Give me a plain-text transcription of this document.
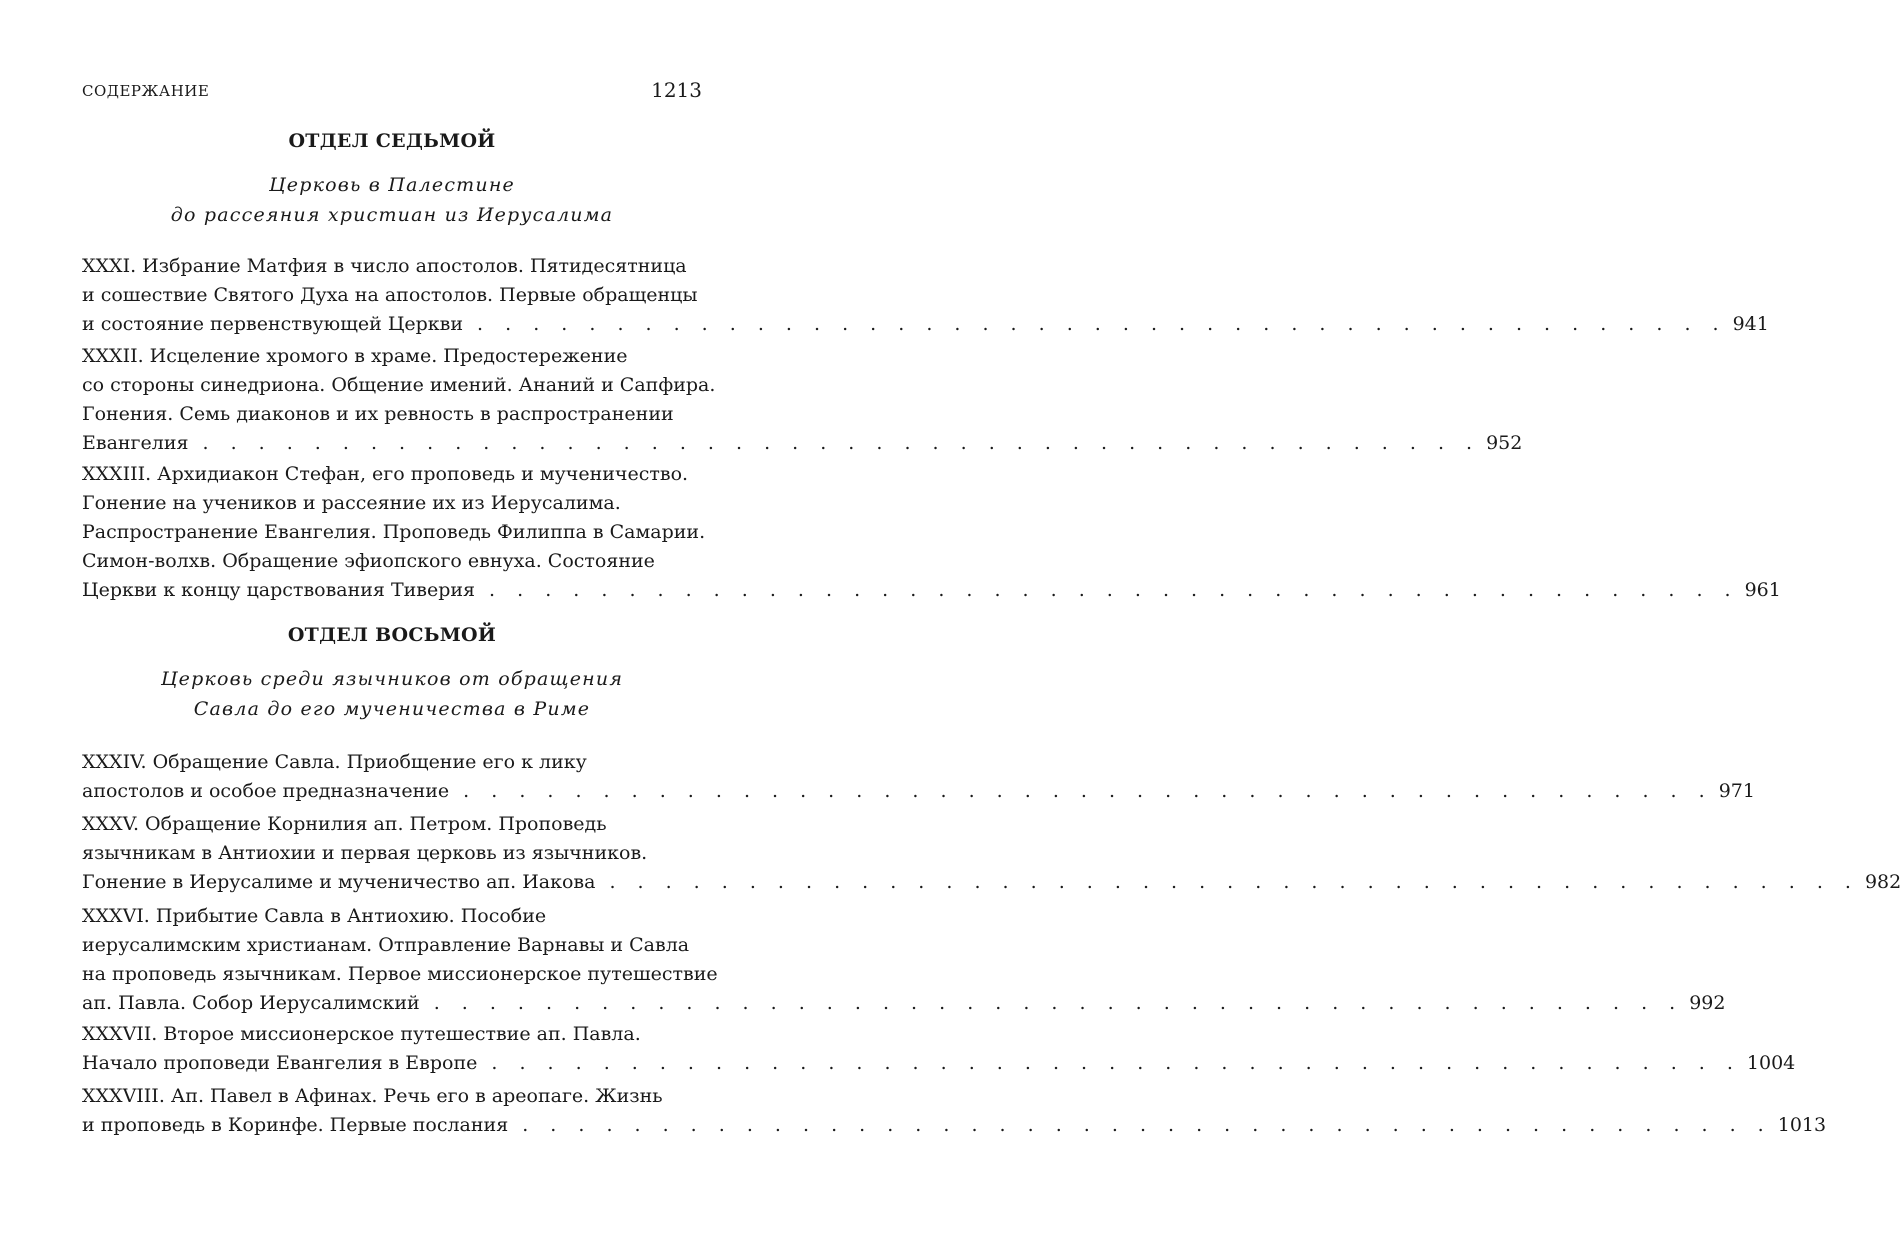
СОДЕРЖАНИЕ	1213
ОТДЕЛ СЕДЬМОЙ
Церковь в Палестине
до рассеяния христиан из Иерусалима
XXXI. Избрание Матфия в число апостолов. Пятидесятница
и сошествие Святого Духа на апостолов. Первые обращенцы
и состояние первенствующей Церкви . . . . . . . . . . . . . . . . . . . . . . . . . . . . . . . . . . . . . . . . . . . . . 941
XXXII. Исцеление хромого в храме. Предостережение
со стороны синедриона. Общение имений. Ананий и Сапфира.
Гонения. Семь диаконов и их ревность в распространении
Евангелия . . . . . . . . . . . . . . . . . . . . . . . . . . . . . . . . . . . . . . . . . . . . . . 952
XXXIII. Архидиакон Стефан, его проповедь и мученичество.
Гонение на учеников и рассеяние их из Иерусалима.
Распространение Евангелия. Проповедь Филиппа в Самарии.
Симон-волхв. Обращение эфиопского евнуха. Состояние
Церкви к концу царствования Тиверия . . . . . . . . . . . . . . . . . . . . . . . . . . . . . . . . . . . . . . . . . . . . . 961
ОТДЕЛ ВОСЬМОЙ
Церковь среди язычников от обращения
Савла до его мученичества в Риме
XXXIV. Обращение Савла. Приобщение его к лику
апостолов и особое предназначение . . . . . . . . . . . . . . . . . . . . . . . . . . . . . . . . . . . . . . . . . . . . . 971
XXXV. Обращение Корнилия ап. Петром. Проповедь
язычникам в Антиохии и первая церковь из язычников.
Гонение в Иерусалиме и мученичество ап. Иакова . . . . . . . . . . . . . . . . . . . . . . . . . . . . . . . . . . . . . . . . . . . . . 982
XXXVI. Прибытие Савла в Антиохию. Пособие
иерусалимским христианам. Отправление Варнавы и Савла
на проповедь язычникам. Первое миссионерское путешествие
ап. Павла. Собор Иерусалимский . . . . . . . . . . . . . . . . . . . . . . . . . . . . . . . . . . . . . . . . . . . . . 992
XXXVII. Второе миссионерское путешествие ап. Павла.
Начало проповеди Евангелия в Европе . . . . . . . . . . . . . . . . . . . . . . . . . . . . . . . . . . . . . . . . . . . . . 1004
XXXVIII. Ап. Павел в Афинах. Речь его в ареопаге. Жизнь
и проповедь в Коринфе. Первые послания . . . . . . . . . . . . . . . . . . . . . . . . . . . . . . . . . . . . . . . . . . . . . 1013
